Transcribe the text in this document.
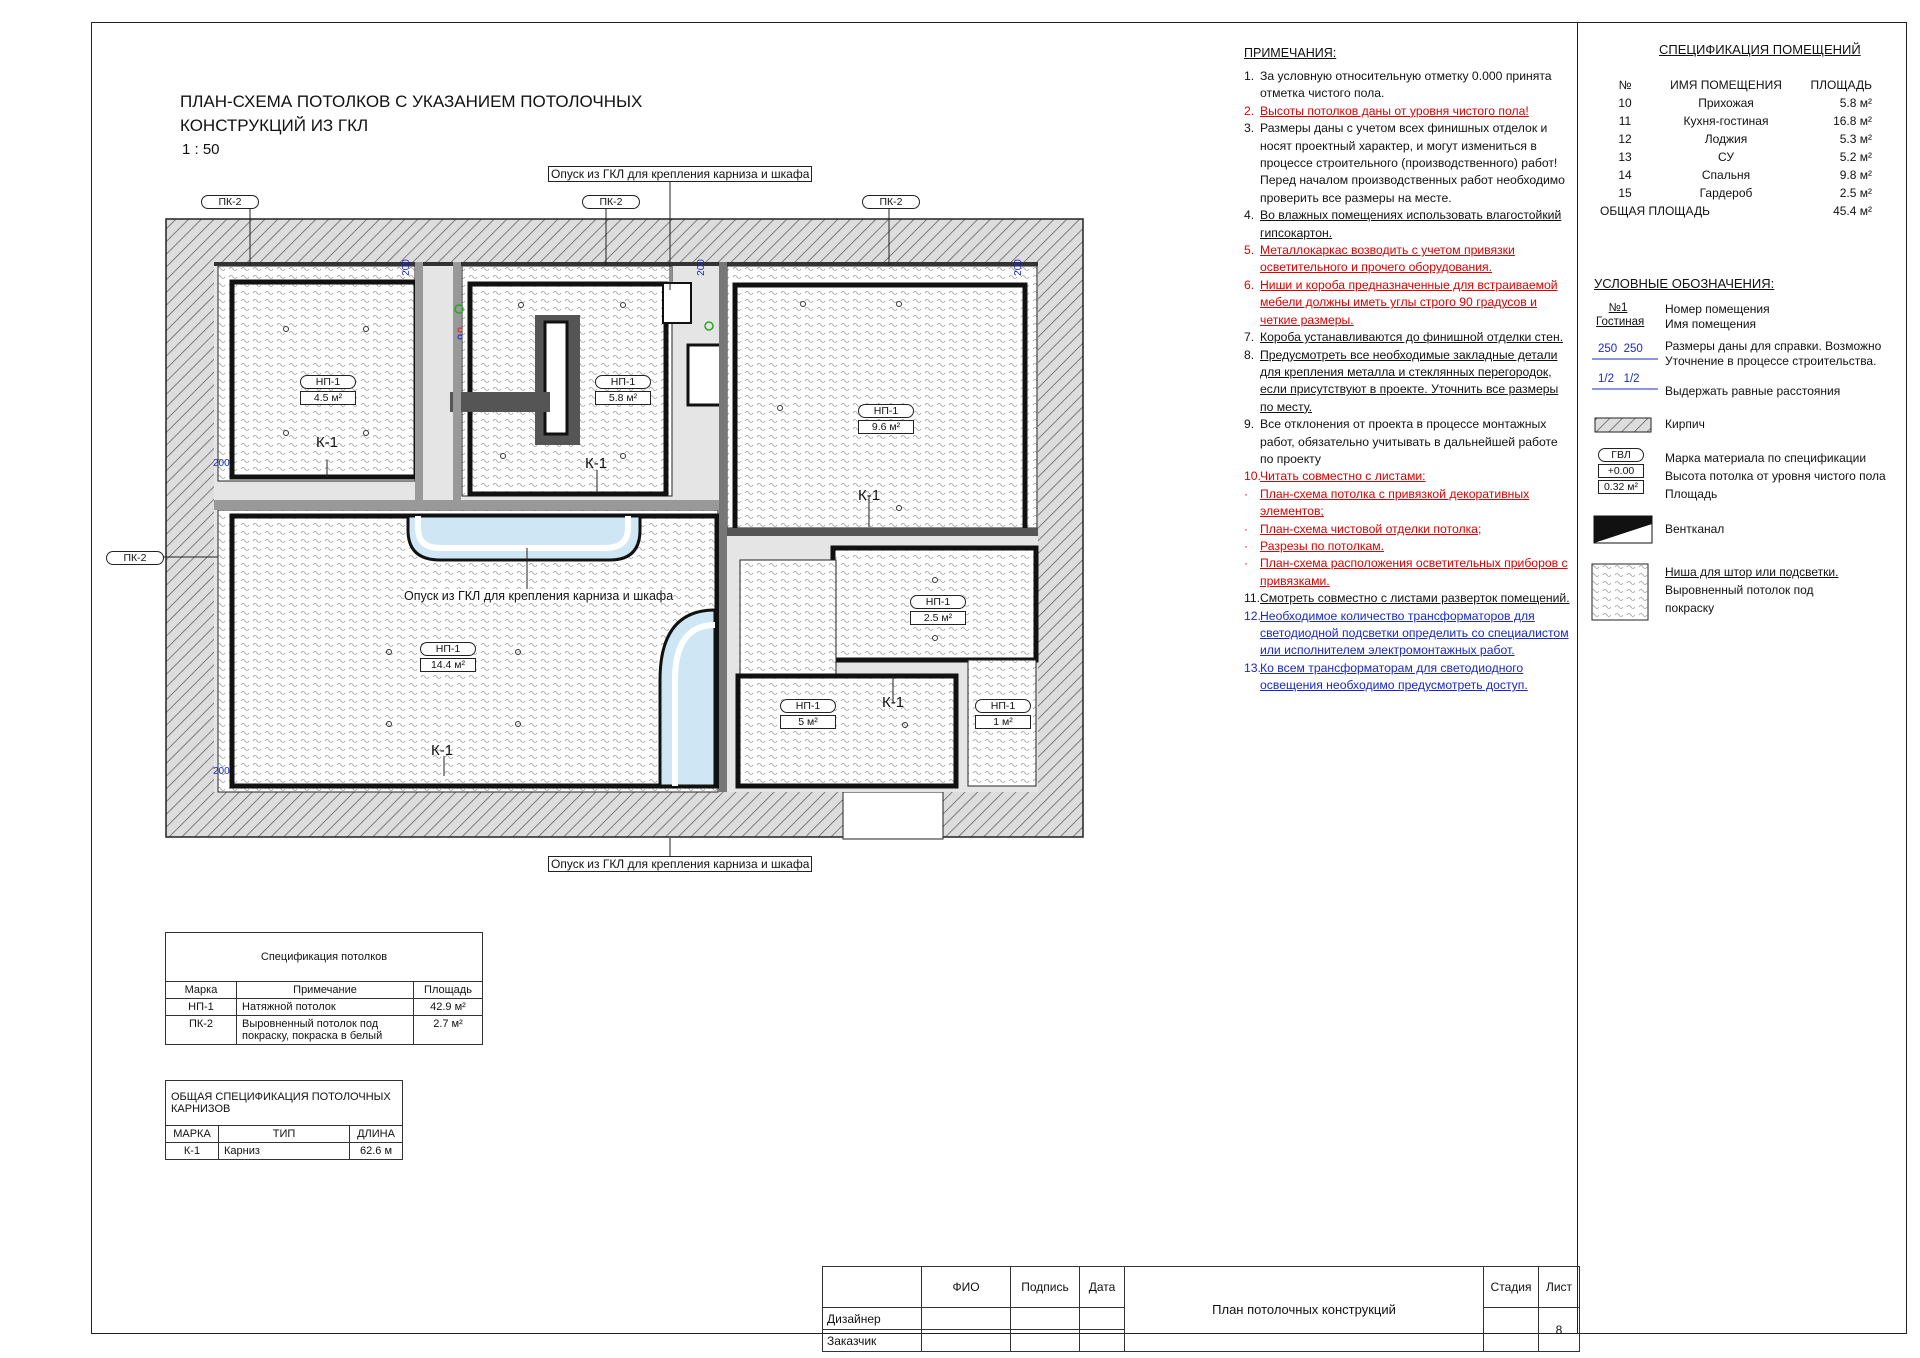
ПЛАН-СХЕМА ПОТОЛКОВ С УКАЗАНИЕМ ПОТОЛОЧНЫХ
КОНСТРУКЦИЙ ИЗ ГКЛ
1 : 50
Опуск из ГКЛ для крепления карниза и шкафа
Опуск из ГКЛ для крепления карниза и шкафа
Опуск из ГКЛ для крепления карниза и шкафа
ПК-2	ПК-2	ПК-2
ПК-2
200	200	200
200
200
НП-1
4.5 м²
НП-1
5.8 м²
НП-1
9.6 м²
НП-1
14.4 м²
НП-1
2.5 м²
НП-1
5 м²
НП-1
1 м²
К-1
К-1
К-1
К-1
К-1
Спецификация потолков		
Марка	Примечание	Площадь
НП-1	Натяжной потолок	42.9 м²
ПК-2	Выровненный потолок под покраску, покраска в белый	2.7 м²
ОБЩАЯ СПЕЦИФИКАЦИЯ ПОТОЛОЧНЫХ КАРНИЗОВ		
МАРКА	ТИП	ДЛИНА
К-1	Карниз	62.6 м
ПРИМЕЧАНИЯ:
1. За условную относительную отметку 0.000 принята отметка чистого пола.
2. Высоты потолков даны от уровня чистого пола!
3. Размеры даны с учетом всех финишных отделок и носят проектный характер, и могут измениться в процессе строительного (производственного) работ! Перед началом производственных работ необходимо проверить все размеры на месте.
4. Во влажных помещениях использовать влагостойкий гипсокартон.
5. Металлокаркас возводить с учетом привязки осветительного и прочего оборудования.
6. Ниши и короба предназначенные для встраиваемой мебели должны иметь углы строго 90 градусов и четкие размеры.
7. Короба устанавливаются до финишной отделки стен.
8. Предусмотреть все необходимые закладные детали для крепления металла и стеклянных перегородок, если присутствуют в проекте. Уточнить все размеры по месту.
9. Все отклонения от проекта в процессе монтажных работ, обязательно учитывать в дальнейшей работе по проекту
10. Читать совместно с листами:
· План-схема потолка с привязкой декоративных элементов;
· План-схема чистовой отделки потолка;
· Разрезы по потолкам.
· План-схема расположения осветительных приборов с привязками.
11. Смотреть совместно с листами разверток помещений.
12. Необходимое количество трансформаторов для светодиодной подсветки определить со специалистом или исполнителем электромонтажных работ.
13. Ко всем трансформаторам для светодиодного освещения необходимо предусмотреть доступ.
СПЕЦИФИКАЦИЯ ПОМЕЩЕНИЙ
№	ИМЯ ПОМЕЩЕНИЯ	ПЛОЩАДЬ
10	Прихожая	5.8 м²
11	Кухня-гостиная	16.8 м²
12	Лоджия	5.3 м²
13	СУ	5.2 м²
14	Спальня	9.8 м²
15	Гардероб	2.5 м²
ОБЩАЯ ПЛОЩАДЬ		45.4 м²
УСЛОВНЫЕ ОБОЗНАЧЕНИЯ:
№1
Гостиная
Номер помещения
Имя помещения
250 250 Размеры даны для справки. Возможно
Уточнение в процессе строительства.
1/2 1/2
Выдержать равные расстояния
Кирпич
ГВЛ
+0.00
0.32 м²
Марка материала по спецификации
Высота потолка от уровня чистого пола
Площадь
Вентканал
Ниша для штор или подсветки.
Выровненный потолок под
покраску
	ФИО	Подпись	Дата	План потолочных конструкций	Стадия	Лист
Дизайнер						8
Заказчик						
